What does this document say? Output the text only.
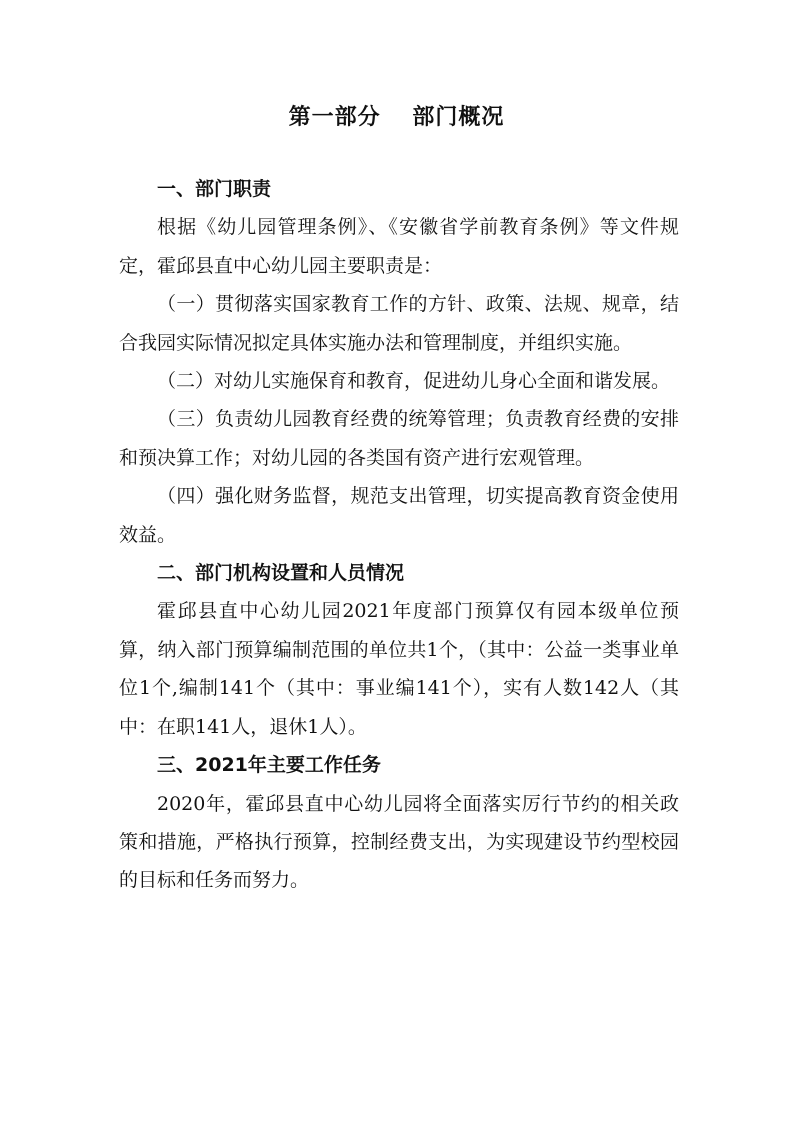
第一部分　 部门概况
一、部门职责

根据《幼儿园管理条例》、《安徽省学前教育条例》等文件规定，霍邱县直中心幼儿园主要职责是：

（一）贯彻落实国家教育工作的方针、政策、法规、规章，结合我园实际情况拟定具体实施办法和管理制度，并组织实施。

（二）对幼儿实施保育和教育，促进幼儿身心全面和谐发展。

（三）负责幼儿园教育经费的统筹管理；负责教育经费的安排和预决算工作；对幼儿园的各类国有资产进行宏观管理。

（四）强化财务监督，规范支出管理，切实提高教育资金使用效益。

二、部门机构设置和人员情况

霍邱县直中心幼儿园2021年度部门预算仅有园本级单位预算，纳入部门预算编制范围的单位共1个，（其中：公益一类事业单位1个,编制141个（其中：事业编141个），实有人数142人（其中：在职141人，退休1人）。

三、2021年主要工作任务

2020年，霍邱县直中心幼儿园将全面落实厉行节约的相关政策和措施，严格执行预算，控制经费支出，为实现建设节约型校园的目标和任务而努力。
